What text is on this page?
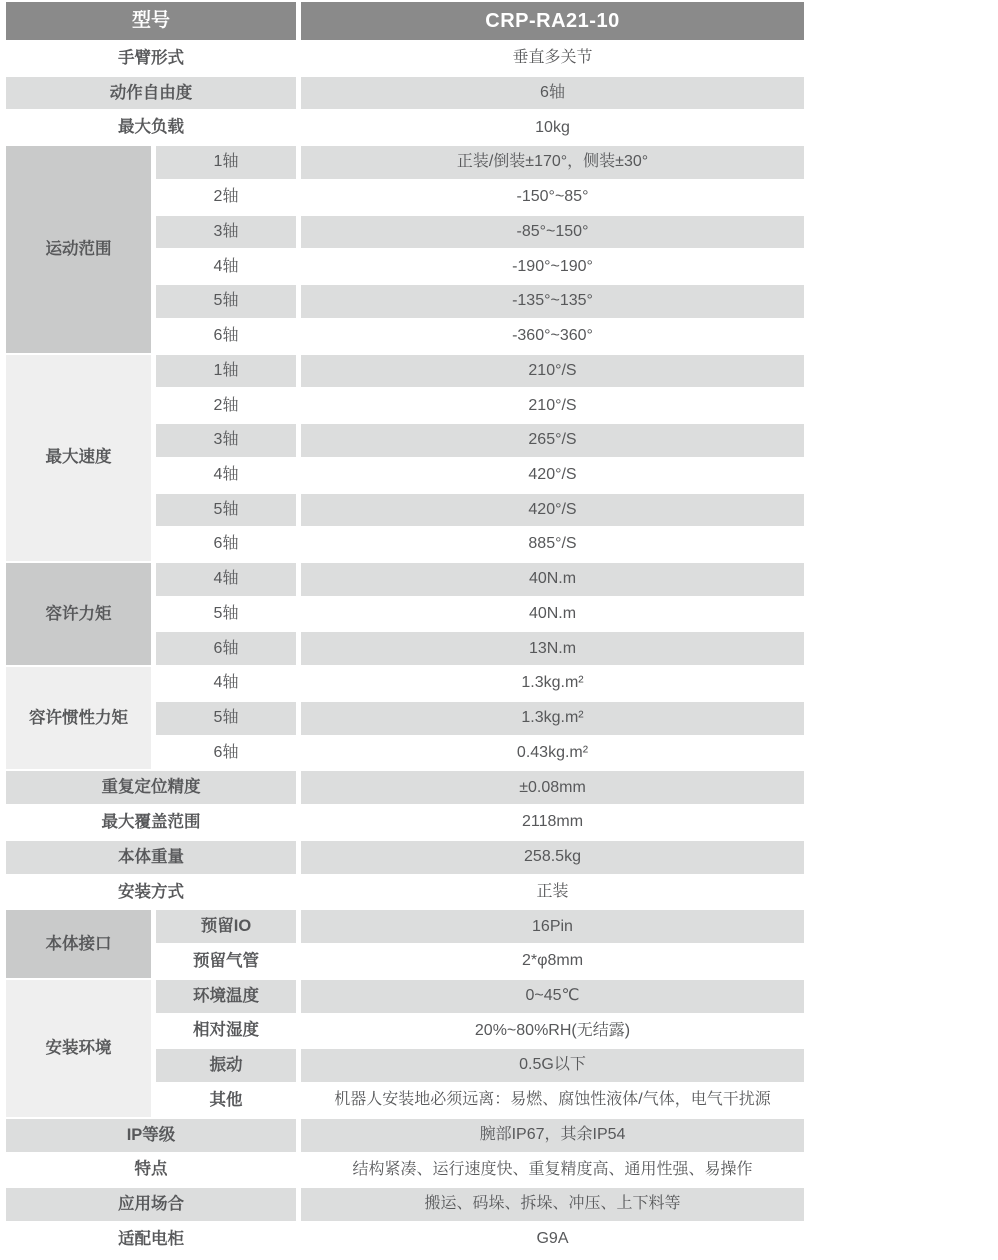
型号	CRP-RA21-10
手臂形式	垂直多关节
动作自由度	6轴
最大负载	10kg
运动范围
1轴	正装/倒装±170°，侧装±30°
2轴	-150°~85°
3轴	-85°~150°
4轴	-190°~190°
5轴	-135°~135°
6轴	-360°~360°
最大速度
1轴	210°/S
2轴	210°/S
3轴	265°/S
4轴	420°/S
5轴	420°/S
6轴	885°/S
容许力矩
4轴	40N.m
5轴	40N.m
6轴	13N.m
容许惯性力矩
4轴	1.3kg.m²
5轴	1.3kg.m²
6轴	0.43kg.m²
重复定位精度	±0.08mm
最大覆盖范围	2118mm
本体重量	258.5kg
安装方式	正装
本体接口
预留IO	16Pin
预留气管	2*φ8mm
安装环境
环境温度	0~45℃
相对湿度	20%~80%RH(无结露)
振动	0.5G以下
其他	机器人安装地必须远离：易燃、腐蚀性液体/气体，电气干扰源
IP等级	腕部IP67，其余IP54
特点	结构紧凑、运行速度快、重复精度高、通用性强、易操作
应用场合	搬运、码垛、拆垛、冲压、上下料等
适配电柜	G9A
